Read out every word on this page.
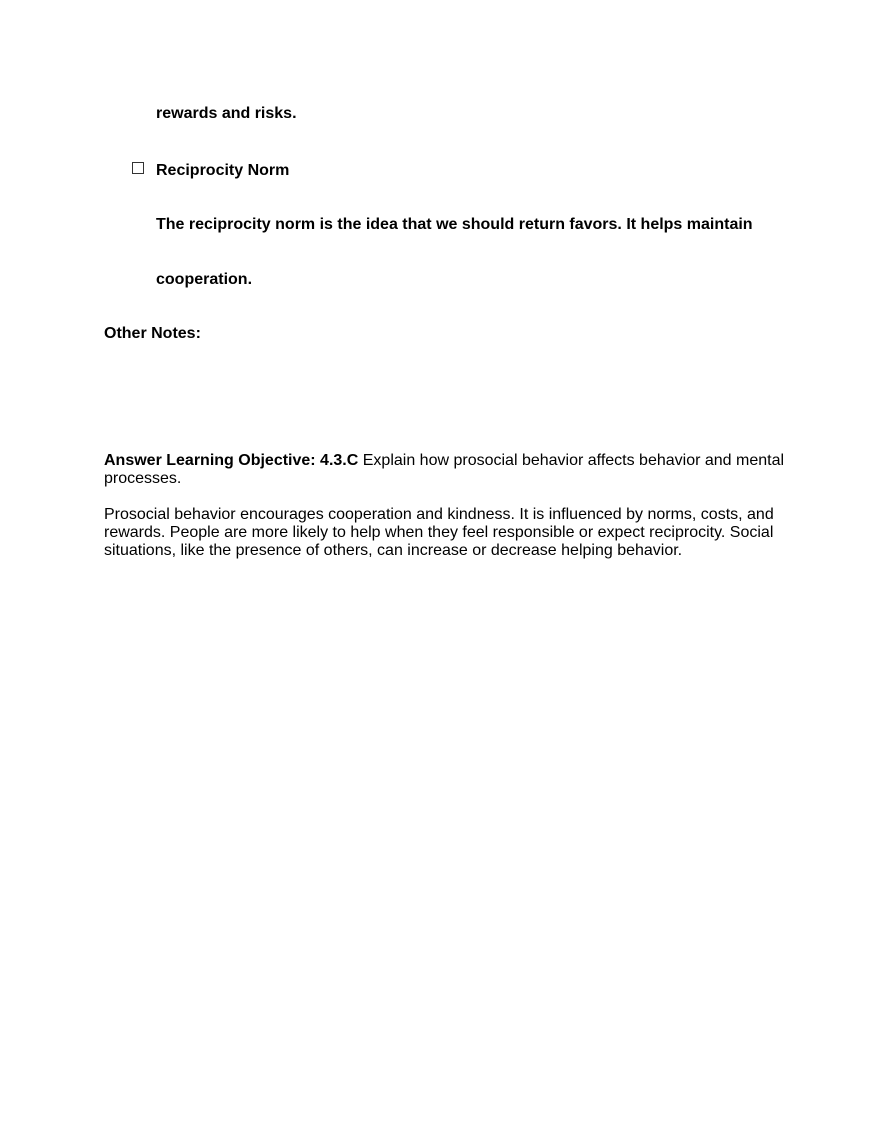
rewards and risks.
Reciprocity Norm
The reciprocity norm is the idea that we should return favors. It helps maintain
cooperation.
Other Notes:
Answer Learning Objective: 4.3.C Explain how prosocial behavior affects behavior and mental processes.
Prosocial behavior encourages cooperation and kindness. It is influenced by norms, costs, and rewards. People are more likely to help when they feel responsible or expect reciprocity. Social situations, like the presence of others, can increase or decrease helping behavior.
